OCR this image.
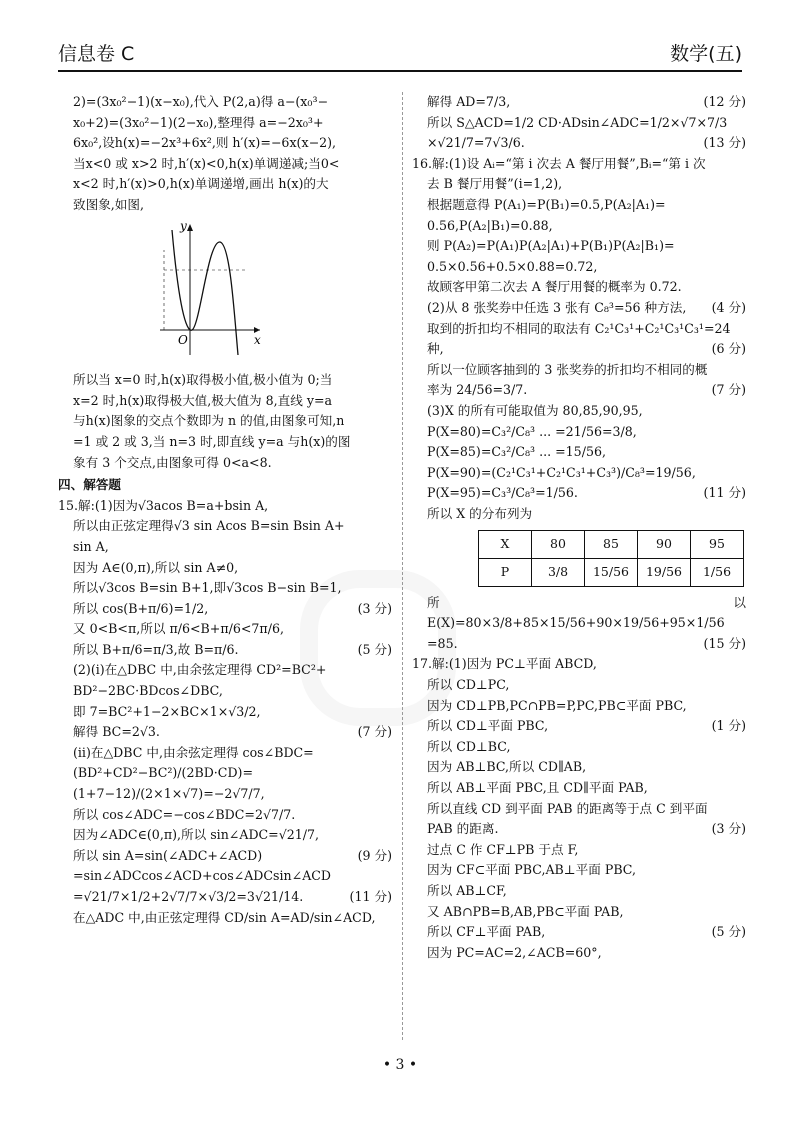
信息卷 C	数学(五)

2)=(3x₀²−1)(x−x₀),代入 P(2,a)得 a−(x₀³−

x₀+2)=(3x₀²−1)(2−x₀),整理得 a=−2x₀³+

6x₀²,设h(x)=−2x³+6x²,则 h′(x)=−6x(x−2),

当x<0 或 x>2 时,h′(x)<0,h(x)单调递减;当0<

x<2 时,h′(x)>0,h(x)单调递增,画出 h(x)的大

致图象,如图,

y
x
O

所以当 x=0 时,h(x)取得极小值,极小值为 0;当

x=2 时,h(x)取得极大值,极大值为 8,直线 y=a

与h(x)图象的交点个数即为 n 的值,由图象可知,n

=1 或 2 或 3,当 n=3 时,即直线 y=a 与h(x)的图

象有 3 个交点,由图象可得 0<a<8.

四、解答题

15.解:(1)因为√3acos B=a+bsin A,

所以由正弦定理得√3 sin Acos B=sin Bsin A+

sin A,

因为 A∈(0,π),所以 sin A≠0,

所以√3cos B=sin B+1,即√3cos B−sin B=1,

(3 分)
所以 cos(B+π/6)=1/2,

又 0<B<π,所以 π/6<B+π/6<7π/6,

(5 分)
所以 B+π/6=π/3,故 B=π/6.

(2)(ⅰ)在△DBC 中,由余弦定理得 CD²=BC²+

BD²−2BC·BDcos∠DBC,

即 7=BC²+1−2×BC×1×√3/2,

(7 分)
解得 BC=2√3.

(ⅱ)在△DBC 中,由余弦定理得 cos∠BDC=

(BD²+CD²−BC²)/(2BD·CD)=(1+7−12)/(2×1×√7)=−2√7/7,

所以 cos∠ADC=−cos∠BDC=2√7/7.

因为∠ADC∈(0,π),所以 sin∠ADC=√21/7,

(9 分)

所以 sin A=sin(∠ADC+∠ACD)

=sin∠ADCcos∠ACD+cos∠ADCsin∠ACD

(11 分)
=√21/7×1/2+2√7/7×√3/2=3√21/14.

在△ADC 中,由正弦定理得 CD/sin A=AD/sin∠ACD,

(12 分)
解得 AD=7/3,

所以 S△ACD=1/2 CD·ADsin∠ADC=1/2×√7×7/3

(13 分)
×√21/7=7√3/6.

16.解:(1)设 Aᵢ=“第 i 次去 A 餐厅用餐”,Bᵢ=“第 i 次

去 B 餐厅用餐”(i=1,2),

根据题意得 P(A₁)=P(B₁)=0.5,P(A₂|A₁)=

0.56,P(A₂|B₁)=0.88,

则 P(A₂)=P(A₁)P(A₂|A₁)+P(B₁)P(A₂|B₁)=

0.5×0.56+0.5×0.88=0.72,

故顾客甲第二次去 A 餐厅用餐的概率为 0.72.

(4 分)

(2)从 8 张奖券中任选 3 张有 C₈³=56 种方法,

取到的折扣均不相同的取法有 C₂¹C₃¹+C₂¹C₃¹C₃¹=24

(6 分)
种,

所以一位顾客抽到的 3 张奖券的折扣均不相同的概

(7 分)
率为 24/56=3/7.

(3)X 的所有可能取值为 80,85,90,95,

P(X=80)=C₃²/C₈³ ... =21/56=3/8,

P(X=85)=C₃²/C₈³ ... =15/56,

P(X=90)=(C₂¹C₃¹+C₂¹C₃¹+C₃³)/C₈³=19/56,

(11 分)
P(X=95)=C₃³/C₈³=1/56.

所以 X 的分布列为

X	80	85	90	95
P	3/8	15/56	19/56	1/56

所以 E(X)=80×3/8+85×15/56+90×19/56+95×1/56

(15 分)
=85.

17.解:(1)因为 PC⊥平面 ABCD,

所以 CD⊥PC,

因为 CD⊥PB,PC∩PB=P,PC,PB⊂平面 PBC,

(1 分)
所以 CD⊥平面 PBC,

所以 CD⊥BC,

因为 AB⊥BC,所以 CD∥AB,

所以 AB⊥平面 PBC,且 CD∥平面 PAB,

所以直线 CD 到平面 PAB 的距离等于点 C 到平面

(3 分)
PAB 的距离.

过点 C 作 CF⊥PB 于点 F,

因为 CF⊂平面 PBC,AB⊥平面 PBC,

所以 AB⊥CF,

又 AB∩PB=B,AB,PB⊂平面 PAB,

(5 分)
所以 CF⊥平面 PAB,

因为 PC=AC=2,∠ACB=60°,

• 3 •
